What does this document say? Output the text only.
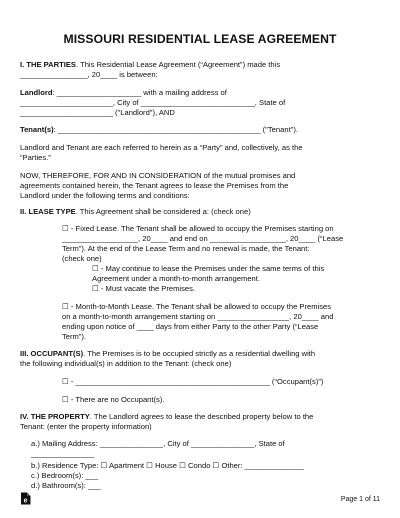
MISSOURI RESIDENTIAL LEASE AGREEMENT
I. THE PARTIES. This Residential Lease Agreement (“Agreement”) made this
________________, 20____ is between:
Landlord: ____________________ with a mailing address of
______________________, City of ___________________________, State of
______________________ ("Landlord"), AND
Tenant(s): ________________________________________________ ("Tenant").
Landlord and Tenant are each referred to herein as a “Party” and, collectively, as the
“Parties.”
NOW, THEREFORE, FOR AND IN CONSIDERATION of the mutual promises and
agreements contained herein, the Tenant agrees to lease the Premises from the
Landlord under the following terms and conditions:
II. LEASE TYPE. This Agreement shall be considered a: (check one)
☐ - Fixed Lease. The Tenant shall be allowed to occupy the Premises starting on
__________________, 20____ and end on __________________, 20____ (“Lease
Term”). At the end of the Lease Term and no renewal is made, the Tenant:
(check one)
☐ - May continue to lease the Premises under the same terms of this
Agreement under a month-to-month arrangement.
☐ - Must vacate the Premises.
☐ - Month-to-Month Lease. The Tenant shall be allowed to occupy the Premises
on a month-to-month arrangement starting on _________________, 20____ and
ending upon notice of ____ days from either Party to the other Party (“Lease
Term”).
III. OCCUPANT(S). The Premises is to be occupied strictly as a residential dwelling with
the following individual(s) in addition to the Tenant: (check one)
☐ - ______________________________________________ (“Occupant(s)”)
☐ - There are no Occupant(s).
IV. THE PROPERTY. The Landlord agrees to lease the described property below to the
Tenant: (enter the property information)
a.) Mailing Address: _______________, City of _______________, State of
_______________
b.) Residence Type: ☐ Apartment ☐ House ☐ Condo ☐ Other: ______________
c.) Bedroom(s): ___
d.) Bathroom(s): ___
e	Page 1 of 11
